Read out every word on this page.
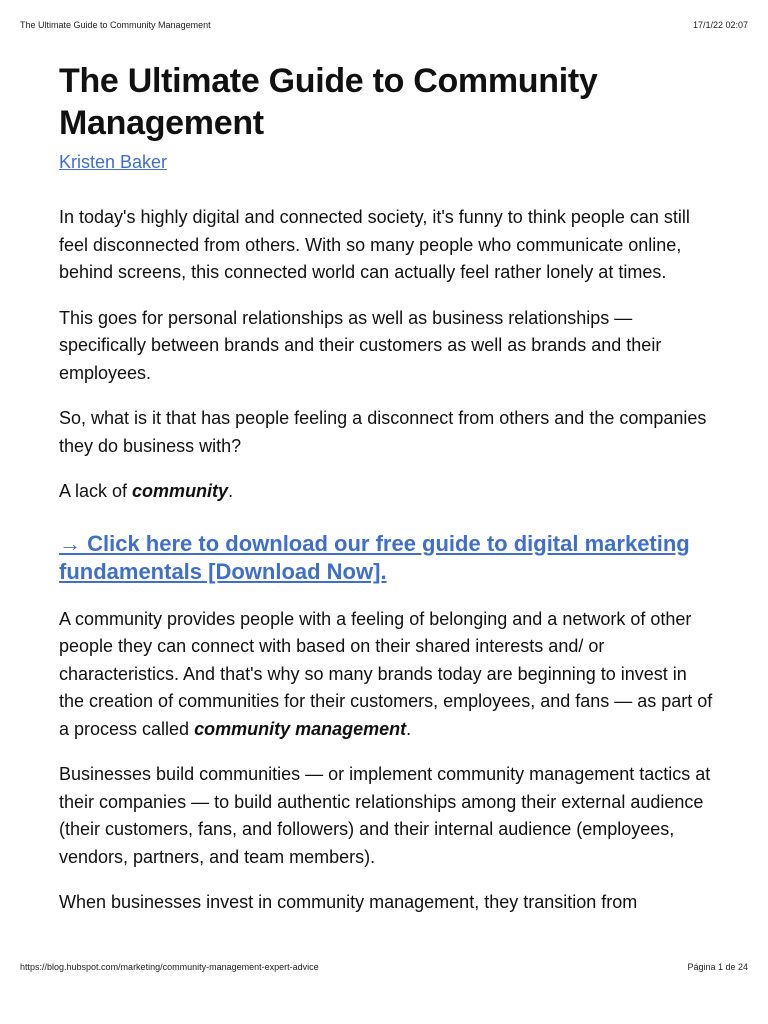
The Ultimate Guide to Community Management	17/1/22 02:07
The Ultimate Guide to Community Management
Kristen Baker

In today's highly digital and connected society, it's funny to think people can still feel disconnected from others. With so many people who communicate online, behind screens, this connected world can actually feel rather lonely at times.

This goes for personal relationships as well as business relationships — specifically between brands and their customers as well as brands and their employees.

So, what is it that has people feeling a disconnect from others and the companies they do business with?

A lack of community.

→ Click here to download our free guide to digital marketing fundamentals [Download Now].

A community provides people with a feeling of belonging and a network of other people they can connect with based on their shared interests and/ or characteristics. And that's why so many brands today are beginning to invest in the creation of communities for their customers, employees, and fans — as part of a process called community management.

Businesses build communities — or implement community management tactics at their companies — to build authentic relationships among their external audience (their customers, fans, and followers) and their internal audience (employees, vendors, partners, and team members).

When businesses invest in community management, they transition from

https://blog.hubspot.com/marketing/community-management-expert-advice	Página 1 de 24
